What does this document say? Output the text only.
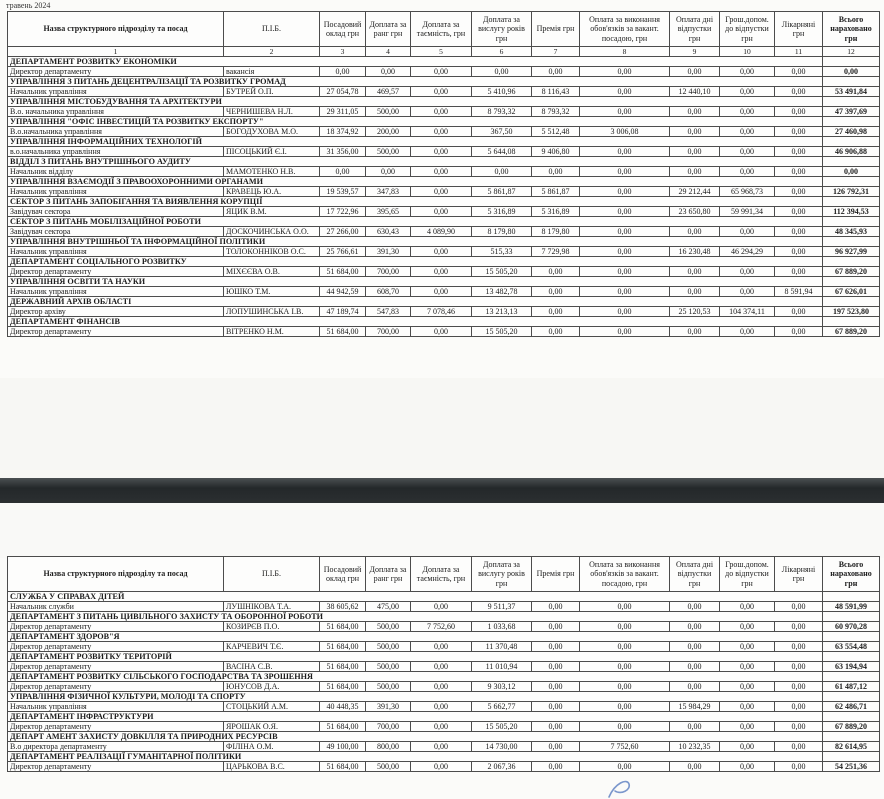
травень 2024
Назва структурного підрозділу та посад	П.І.Б.	Посадовий оклад грн	Доплата за ранг грн	Доплата за таємність, грн	Доплата за вислугу років грн	Премія грн	Оплата за виконання обов'язків за вакант. посадою, грн	Оплата дні відпустки грн	Грош.допом. до відпустки грн	Лікарняні грн	Всього нараховано грн
1	2	3	4	5	6	7	8	9	10	11	12
ДЕПАРТАМЕНТ РОЗВИТКУ ЕКОНОМІКИ											
Директор департаменту	вакансія	0,00	0,00	0,00	0,00	0,00	0,00	0,00	0,00	0,00	0,00
УПРАВЛІННЯ З ПИТАНЬ ДЕЦЕНТРАЛІЗАЦІЇ ТА РОЗВИТКУ ГРОМАД											
Начальник управління	БУТРЕЙ О.П.	27 054,78	469,57	0,00	5 410,96	8 116,43	0,00	12 440,10	0,00	0,00	53 491,84
УПРАВЛІННЯ МІСТОБУДУВАННЯ ТА АРХІТЕКТУРИ											
В.о. начальника управління	ЧЕРНИШЕВА Н.Л.	29 311,05	500,00	0,00	8 793,32	8 793,32	0,00	0,00	0,00	0,00	47 397,69
УПРАВЛІННЯ "ОФІС ІНВЕСТИЦІЙ ТА РОЗВИТКУ ЕКСПОРТУ"											
В.о.начальника управління	БОГОДУХОВА М.О.	18 374,92	200,00	0,00	367,50	5 512,48	3 006,08	0,00	0,00	0,00	27 460,98
УПРАВЛІННЯ ІНФОРМАЦІЙНИХ ТЕХНОЛОГІЙ											
в.о.начальника управління	ПІСОЦЬКИЙ Є.І.	31 356,00	500,00	0,00	5 644,08	9 406,80	0,00	0,00	0,00	0,00	46 906,88
ВІДДІЛ З ПИТАНЬ ВНУТРІШНЬОГО АУДИТУ											
Начальник відділу	МАМОТЕНКО Н.В.	0,00	0,00	0,00	0,00	0,00	0,00	0,00	0,00	0,00	0,00
УПРАВЛІННЯ ВЗАЄМОДІЇ З ПРАВООХОРОННИМИ ОРГАНАМИ											
Начальник управління	КРАВЕЦЬ Ю.А.	19 539,57	347,83	0,00	5 861,87	5 861,87	0,00	29 212,44	65 968,73	0,00	126 792,31
СЕКТОР З ПИТАНЬ ЗАПОБІГАННЯ ТА ВИЯВЛЕННЯ КОРУПЦІЇ											
Завідувач сектора	ЯЦИК В.М.	17 722,96	395,65	0,00	5 316,89	5 316,89	0,00	23 650,80	59 991,34	0,00	112 394,53
СЕКТОР З ПИТАНЬ МОБІЛІЗАЦІЙНОЇ РОБОТИ											
Завідувач сектора	ДОСКОЧИНСЬКА О.О.	27 266,00	630,43	4 089,90	8 179,80	8 179,80	0,00	0,00	0,00	0,00	48 345,93
УПРАВЛІННЯ ВНУТРІШНЬОЇ ТА ІНФОРМАЦІЙНОЇ ПОЛІТИКИ											
Начальник управління	ТОЛОКОННІКОВ О.С.	25 766,61	391,30	0,00	515,33	7 729,98	0,00	16 230,48	46 294,29	0,00	96 927,99
ДЕПАРТАМЕНТ СОЦІАЛЬНОГО РОЗВИТКУ											
Директор департаменту	МІХЄЄВА О.В.	51 684,00	700,00	0,00	15 505,20	0,00	0,00	0,00	0,00	0,00	67 889,20
УПРАВЛІННЯ ОСВІТИ ТА НАУКИ											
Начальник управління	ЮШКО Т.М.	44 942,59	608,70	0,00	13 482,78	0,00	0,00	0,00	0,00	8 591,94	67 626,01
ДЕРЖАВНИЙ АРХІВ ОБЛАСТІ											
Директор архіву	ЛОПУШИНСЬКА І.В.	47 189,74	547,83	7 078,46	13 213,13	0,00	0,00	25 120,53	104 374,11	0,00	197 523,80
ДЕПАРТАМЕНТ ФІНАНСІВ											
Директор департаменту	ВІТРЕНКО Н.М.	51 684,00	700,00	0,00	15 505,20	0,00	0,00	0,00	0,00	0,00	67 889,20
Назва структурного підрозділу та посад	П.І.Б.	Посадовий оклад грн	Доплата за ранг грн	Доплата за таємність, грн	Доплата за вислугу років грн	Премія грн	Оплата за виконання обов'язків за вакант. посадою, грн	Оплата дні відпустки грн	Грош.допом. до відпустки грн	Лікарняні грн	Всього нараховано грн
СЛУЖБА У СПРАВАХ ДІТЕЙ											
Начальник служби	ЛУШНІКОВА Т.А.	38 605,62	475,00	0,00	9 511,37	0,00	0,00	0,00	0,00	0,00	48 591,99
ДЕПАРТАМЕНТ З ПИТАНЬ ЦИВІЛЬНОГО ЗАХИСТУ ТА ОБОРОННОЇ РОБОТИ											
Директор департаменту	КОЗИРЄВ П.О.	51 684,00	500,00	7 752,60	1 033,68	0,00	0,00	0,00	0,00	0,00	60 970,28
ДЕПАРТАМЕНТ ЗДОРОВ"Я											
Директор департаменту	КАРЧЕВИЧ Т.Є.	51 684,00	500,00	0,00	11 370,48	0,00	0,00	0,00	0,00	0,00	63 554,48
ДЕПАРТАМЕНТ РОЗВИТКУ ТЕРИТОРІЙ											
Директор департаменту	ВАСІНА С.В.	51 684,00	500,00	0,00	11 010,94	0,00	0,00	0,00	0,00	0,00	63 194,94
ДЕПАРТАМЕНТ РОЗВИТКУ СІЛЬСЬКОГО ГОСПОДАРСТВА ТА ЗРОШЕННЯ											
Директор департаменту	ЮНУСОВ Д.А.	51 684,00	500,00	0,00	9 303,12	0,00	0,00	0,00	0,00	0,00	61 487,12
УПРАВЛІННЯ ФІЗИЧНОЇ КУЛЬТУРИ, МОЛОДІ ТА СПОРТУ											
Начальник управління	СТОЦЬКИЙ А.М.	40 448,35	391,30	0,00	5 662,77	0,00	0,00	15 984,29	0,00	0,00	62 486,71
ДЕПАРТАМЕНТ ІНФРАСТРУКТУРИ											
Директор департаменту	ЯРОШАК О.Я.	51 684,00	700,00	0,00	15 505,20	0,00	0,00	0,00	0,00	0,00	67 889,20
ДЕПАРТ АМЕНТ ЗАХИСТУ ДОВКІЛЛЯ ТА ПРИРОДНИХ РЕСУРСІВ											
В.о директора департаменту	ФІЛІНА О.М.	49 100,00	800,00	0,00	14 730,00	0,00	7 752,60	10 232,35	0,00	0,00	82 614,95
ДЕПАРТАМЕНТ РЕАЛІЗАЦІЇ ГУМАНІТАРНОЇ ПОЛІТИКИ											
Директор департаменту	ЦАРЬКОВА В.С.	51 684,00	500,00	0,00	2 067,36	0,00	0,00	0,00	0,00	0,00	54 251,36
